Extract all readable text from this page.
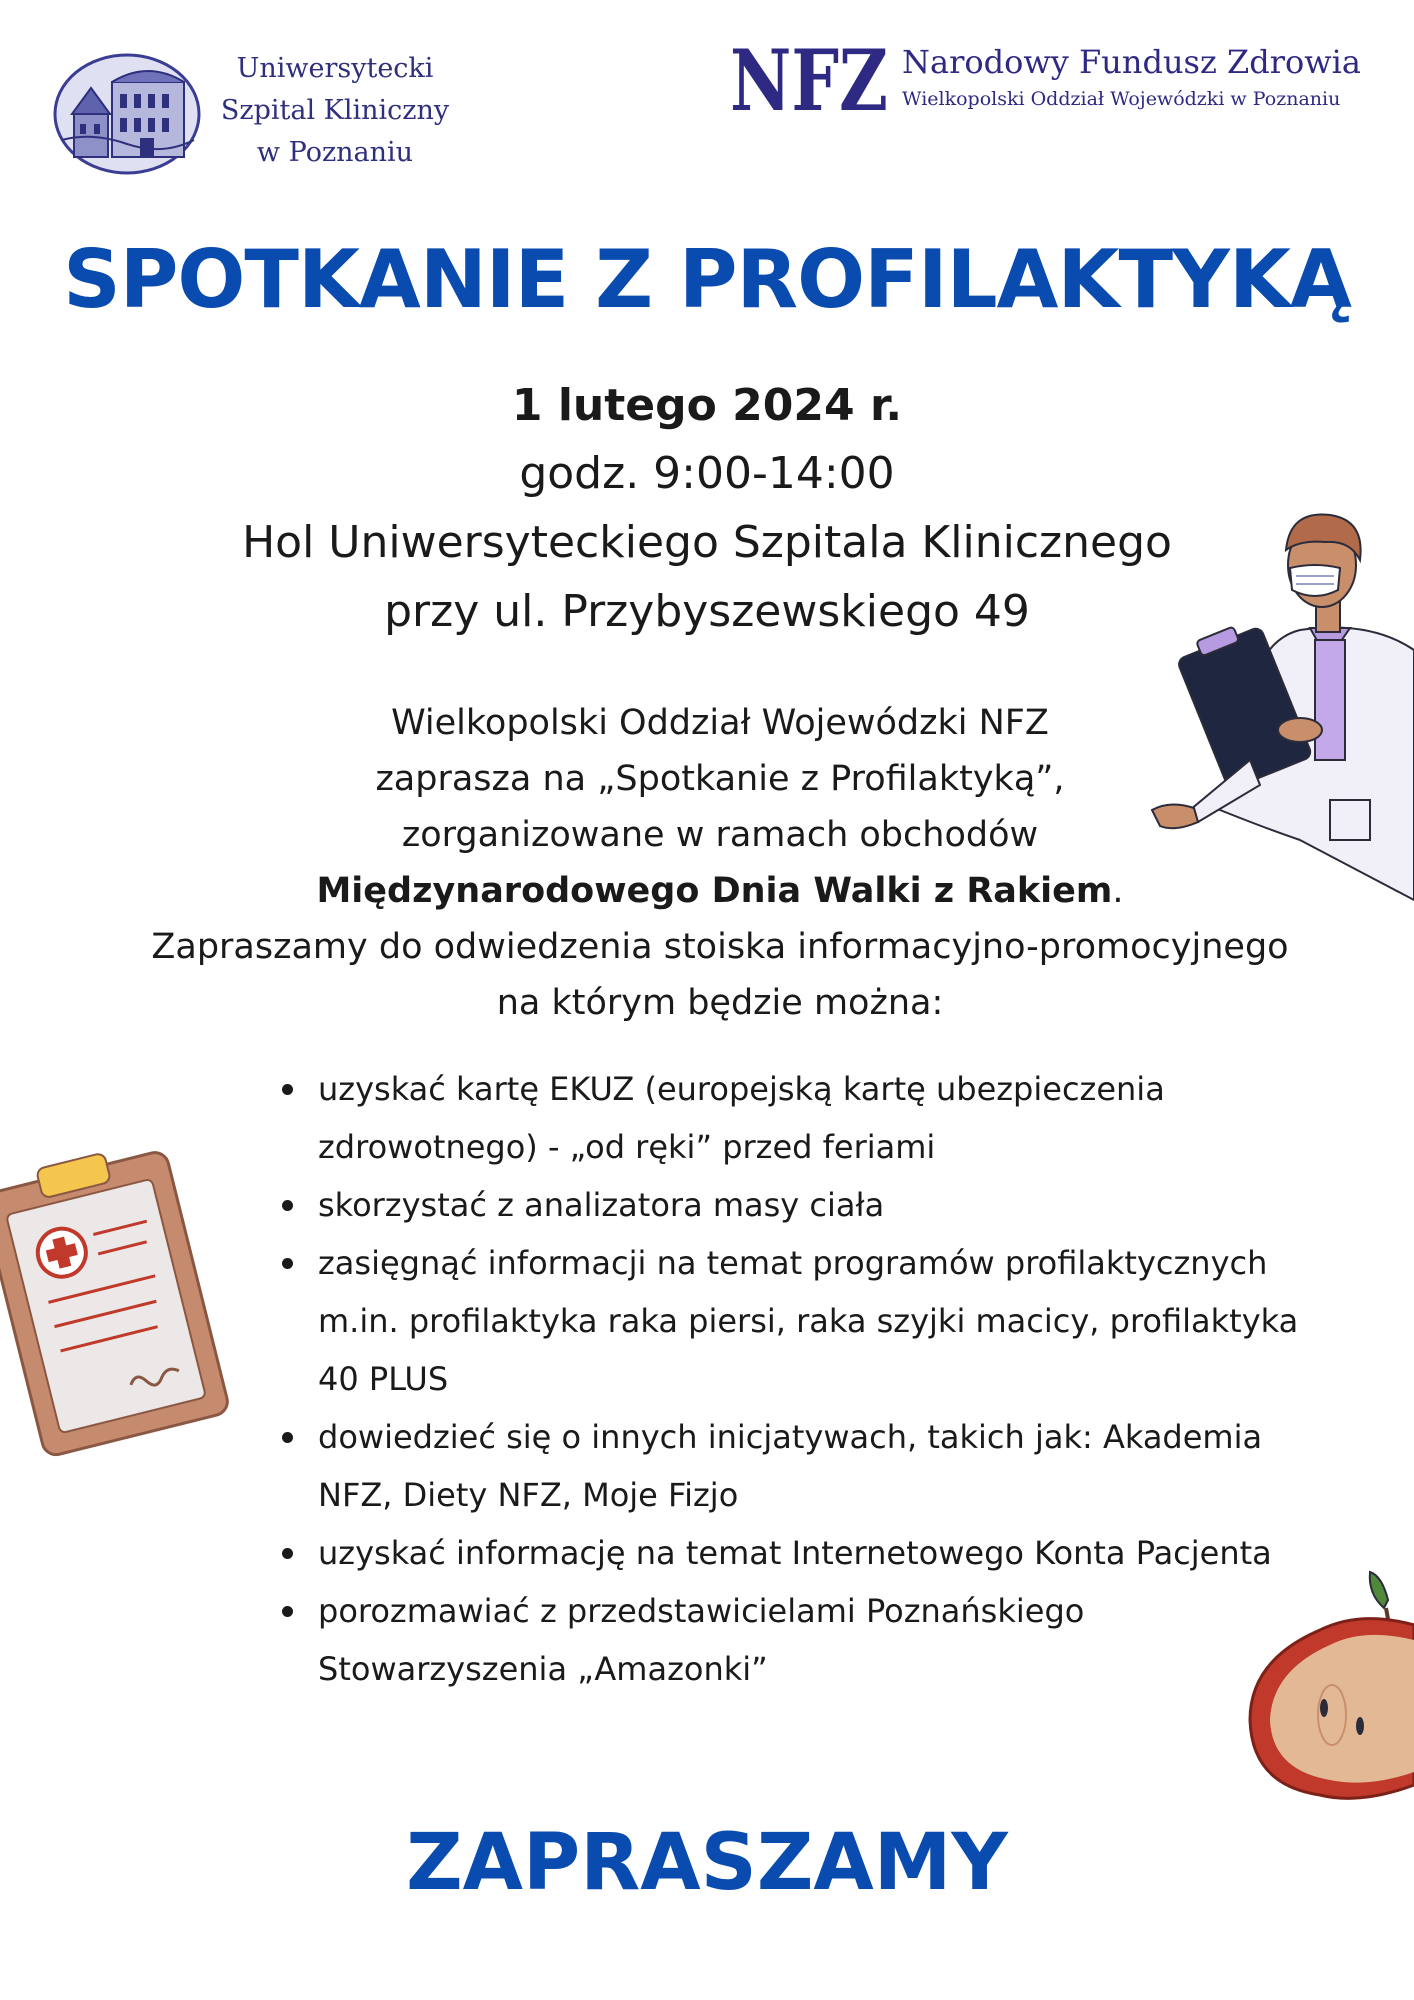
Uniwersytecki
Szpital Kliniczny
w Poznaniu
NFZ Narodowy Fundusz Zdrowia
Wielkopolski Oddział Wojewódzki w Poznaniu
SPOTKANIE Z PROFILAKTYKĄ
1 lutego 2024 r.
godz. 9:00-14:00
Hol Uniwersyteckiego Szpitala Klinicznego
przy ul. Przybyszewskiego 49
Wielkopolski Oddział Wojewódzki NFZ
zaprasza na „Spotkanie z Profilaktyką”,
zorganizowane w ramach obchodów
Międzynarodowego Dnia Walki z Rakiem.
Zapraszamy do odwiedzenia stoiska informacyjno-promocyjnego
na którym będzie można:
uzyskać kartę EKUZ (europejską kartę ubezpieczenia zdrowotnego) - „od ręki” przed feriami
skorzystać z analizatora masy ciała
zasięgnąć informacji na temat programów profilaktycznych m.in. profilaktyka raka piersi, raka szyjki macicy, profilaktyka 40 PLUS
dowiedzieć się o innych inicjatywach, takich jak: Akademia NFZ, Diety NFZ, Moje Fizjo
uzyskać informację na temat Internetowego Konta Pacjenta
porozmawiać z przedstawicielami Poznańskiego Stowarzyszenia „Amazonki”
ZAPRASZAMY
